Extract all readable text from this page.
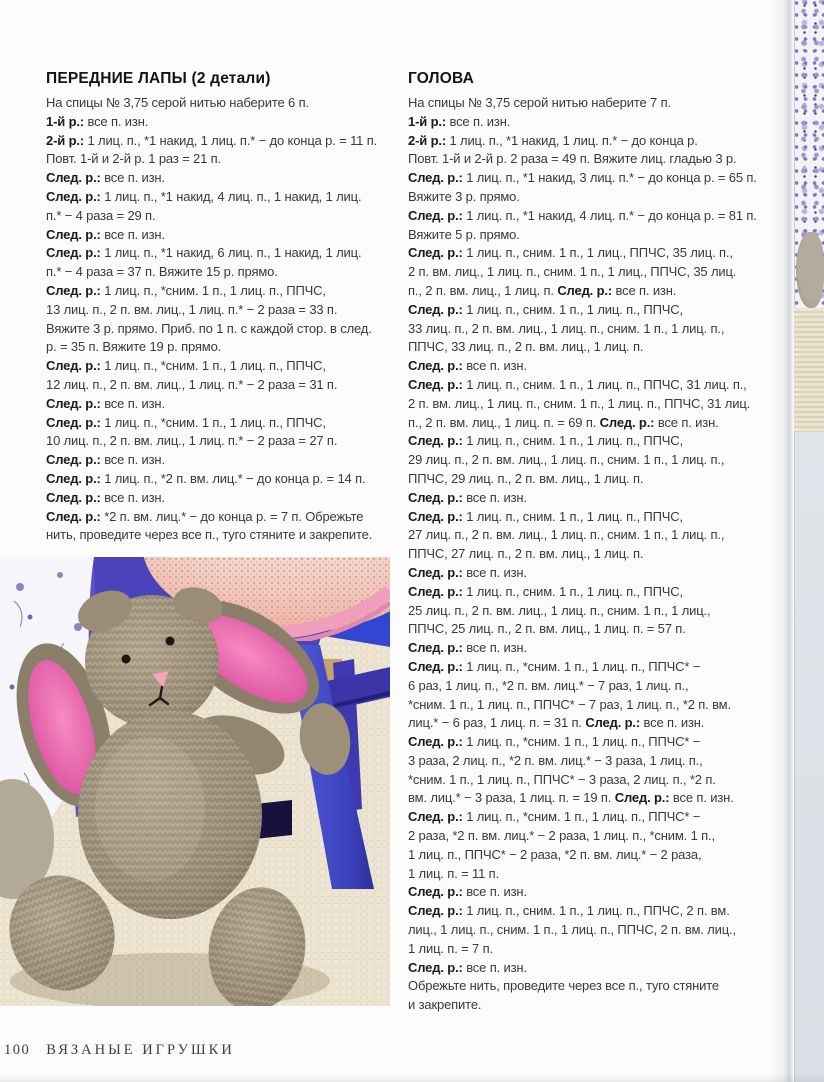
ПЕРЕДНИЕ ЛАПЫ (2 детали)
На спицы № 3,75 серой нитью наберите 6 п.
1-й р.: все п. изн.
2-й р.: 1 лиц. п., *1 накид, 1 лиц. п.* − до конца р. = 11 п.
Повт. 1-й и 2-й р. 1 раз = 21 п.
След. р.: все п. изн.
След. р.: 1 лиц. п., *1 накид, 4 лиц. п., 1 накид, 1 лиц.
п.* − 4 раза = 29 п.
След. р.: все п. изн.
След. р.: 1 лиц. п., *1 накид, 6 лиц. п., 1 накид, 1 лиц.
п.* − 4 раза = 37 п. Вяжите 15 р. прямо.
След. р.: 1 лиц. п., *сним. 1 п., 1 лиц. п., ППЧС,
13 лиц. п., 2 п. вм. лиц., 1 лиц. п.* − 2 раза = 33 п.
Вяжите 3 р. прямо. Приб. по 1 п. с каждой стор. в след.
р. = 35 п. Вяжите 19 р. прямо.
След. р.: 1 лиц. п., *сним. 1 п., 1 лиц. п., ППЧС,
12 лиц. п., 2 п. вм. лиц., 1 лиц. п.* − 2 раза = 31 п.
След. р.: все п. изн.
След. р.: 1 лиц. п., *сним. 1 п., 1 лиц. п., ППЧС,
10 лиц. п., 2 п. вм. лиц., 1 лиц. п.* − 2 раза = 27 п.
След. р.: все п. изн.
След. р.: 1 лиц. п., *2 п. вм. лиц.* − до конца р. = 14 п.
След. р.: все п. изн.
След. р.: *2 п. вм. лиц.* − до конца р. = 7 п. Обрежьте
нить, проведите через все п., туго стяните и закрепите.
ГОЛОВА
На спицы № 3,75 серой нитью наберите 7 п.
1-й р.: все п. изн.
2-й р.: 1 лиц. п., *1 накид, 1 лиц. п.* − до конца р.
Повт. 1-й и 2-й р. 2 раза = 49 п. Вяжите лиц. гладью 3 р.
След. р.: 1 лиц. п., *1 накид, 3 лиц. п.* − до конца р. = 65 п.
Вяжите 3 р. прямо.
След. р.: 1 лиц. п., *1 накид, 4 лиц. п.* − до конца р. = 81 п.
Вяжите 5 р. прямо.
След. р.: 1 лиц. п., сним. 1 п., 1 лиц., ППЧС, 35 лиц. п.,
2 п. вм. лиц., 1 лиц. п., сним. 1 п., 1 лиц., ППЧС, 35 лиц.
п., 2 п. вм. лиц., 1 лиц. п. След. р.: все п. изн.
След. р.: 1 лиц. п., сним. 1 п., 1 лиц. п., ППЧС,
33 лиц. п., 2 п. вм. лиц., 1 лиц. п., сним. 1 п., 1 лиц. п.,
ППЧС, 33 лиц. п., 2 п. вм. лиц., 1 лиц. п.
След. р.: все п. изн.
След. р.: 1 лиц. п., сним. 1 п., 1 лиц. п., ППЧС, 31 лиц. п.,
2 п. вм. лиц., 1 лиц. п., сним. 1 п., 1 лиц. п., ППЧС, 31 лиц.
п., 2 п. вм. лиц., 1 лиц. п. = 69 п. След. р.: все п. изн.
След. р.: 1 лиц. п., сним. 1 п., 1 лиц. п., ППЧС,
29 лиц. п., 2 п. вм. лиц., 1 лиц. п., сним. 1 п., 1 лиц. п.,
ППЧС, 29 лиц. п., 2 п. вм. лиц., 1 лиц. п.
След. р.: все п. изн.
След. р.: 1 лиц. п., сним. 1 п., 1 лиц. п., ППЧС,
27 лиц. п., 2 п. вм. лиц., 1 лиц. п., сним. 1 п., 1 лиц. п.,
ППЧС, 27 лиц. п., 2 п. вм. лиц., 1 лиц. п.
След. р.: все п. изн.
След. р.: 1 лиц. п., сним. 1 п., 1 лиц. п., ППЧС,
25 лиц. п., 2 п. вм. лиц., 1 лиц. п., сним. 1 п., 1 лиц.,
ППЧС, 25 лиц. п., 2 п. вм. лиц., 1 лиц. п. = 57 п.
След. р.: все п. изн.
След. р.: 1 лиц. п., *сним. 1 п., 1 лиц. п., ППЧС* −
6 раз, 1 лиц. п., *2 п. вм. лиц.* − 7 раз, 1 лиц. п.,
*сним. 1 п., 1 лиц. п., ППЧС* − 7 раз, 1 лиц. п., *2 п. вм.
лиц.* − 6 раз, 1 лиц. п. = 31 п. След. р.: все п. изн.
След. р.: 1 лиц. п., *сним. 1 п., 1 лиц. п., ППЧС* −
3 раза, 2 лиц. п., *2 п. вм. лиц.* − 3 раза, 1 лиц. п.,
*сним. 1 п., 1 лиц. п., ППЧС* − 3 раза, 2 лиц. п., *2 п.
вм. лиц.* − 3 раза, 1 лиц. п. = 19 п. След. р.: все п. изн.
След. р.: 1 лиц. п., *сним. 1 п., 1 лиц. п., ППЧС* −
2 раза, *2 п. вм. лиц.* − 2 раза, 1 лиц. п., *сним. 1 п.,
1 лиц. п., ППЧС* − 2 раза, *2 п. вм. лиц.* − 2 раза,
1 лиц. п. = 11 п.
След. р.: все п. изн.
След. р.: 1 лиц. п., сним. 1 п., 1 лиц. п., ППЧС, 2 п. вм.
лиц., 1 лиц. п., сним. 1 п., 1 лиц. п., ППЧС, 2 п. вм. лиц.,
1 лиц. п. = 7 п.
След. р.: все п. изн.
Обрежьте нить, проведите через все п., туго стяните
и закрепите.
100 ВЯЗАНЫЕ ИГРУШКИ
